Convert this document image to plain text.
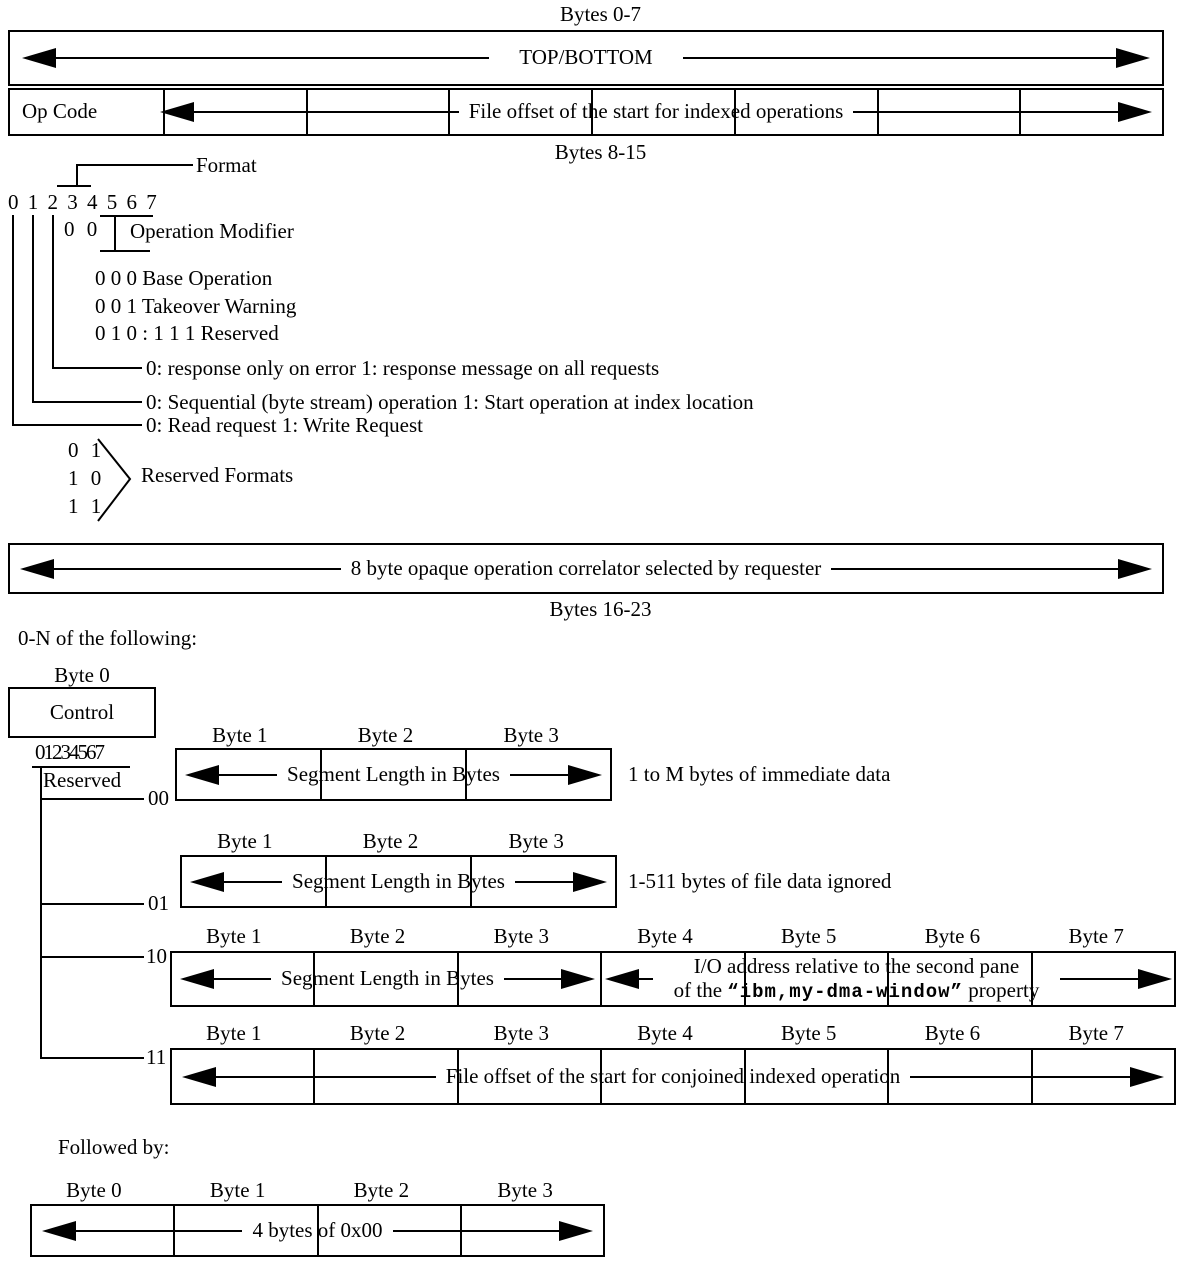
Bytes 0-7
TOP/BOTTOM
Op Code	File offset of the start for indexed operations
Bytes 8-15
Format
0 1 2 3 4 5 6 7
0 0 Operation Modifier
0 0 0 Base Operation
0 0 1 Takeover Warning
0 1 0 : 1 1 1 Reserved
0: response only on error 1: response message on all requests
0: Sequential (byte stream) operation 1: Start operation at index location
0: Read request 1: Write Request
0 1
1 0
1 1
Reserved Formats
8 byte opaque operation correlator selected by requester
Bytes 16-23
0-N of the following:
Byte 0
Control
01234567
Reserved
00
01
10
11
Byte 1	Byte 2	Byte 3
Segment Length in Bytes	1 to M bytes of immediate data
Byte 1	Byte 2	Byte 3
Segment Length in Bytes	1-511 bytes of file data ignored
Byte 1	Byte 2	Byte 3	Byte 4	Byte 5	Byte 6	Byte 7
Segment Length in Bytes
I/O address relative to the second pane
of the “ibm,my-dma-window” property
Byte 1	Byte 2	Byte 3	Byte 4	Byte 5	Byte 6	Byte 7
File offset of the start for conjoined indexed operation
Followed by:
Byte 0	Byte 1	Byte 2	Byte 3
4 bytes of 0x00
